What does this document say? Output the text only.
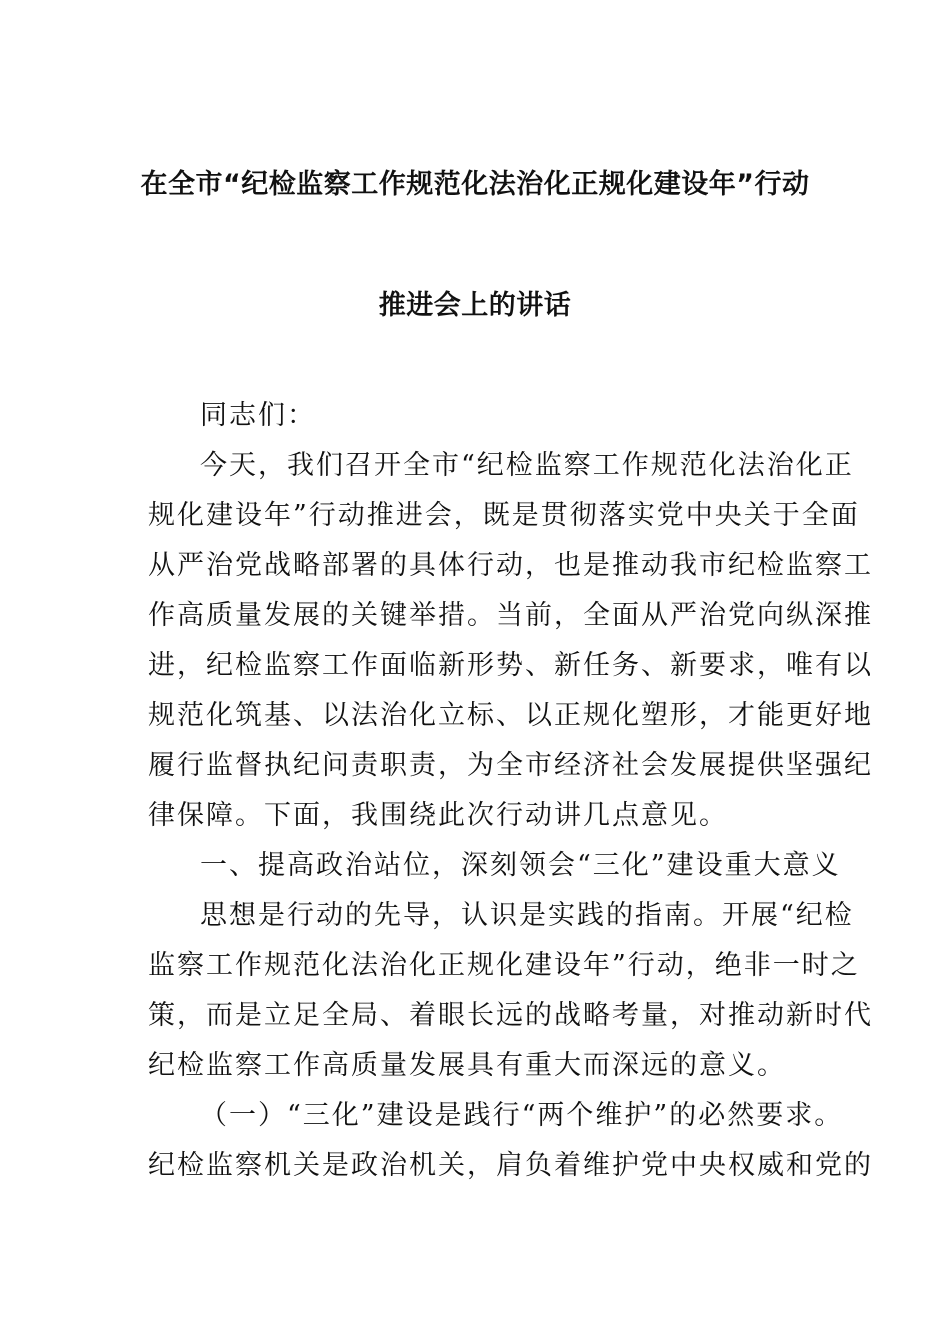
在全市“纪检监察工作规范化法治化正规化建设年”行动
推进会上的讲话
同志们：
今天，我们召开全市“纪检监察工作规范化法治化正
规化建设年”行动推进会，既是贯彻落实党中央关于全面
从严治党战略部署的具体行动，也是推动我市纪检监察工
作高质量发展的关键举措。当前，全面从严治党向纵深推
进，纪检监察工作面临新形势、新任务、新要求，唯有以
规范化筑基、以法治化立标、以正规化塑形，才能更好地
履行监督执纪问责职责，为全市经济社会发展提供坚强纪
律保障。下面，我围绕此次行动讲几点意见。
一、提高政治站位，深刻领会“三化”建设重大意义
思想是行动的先导，认识是实践的指南。开展“纪检
监察工作规范化法治化正规化建设年”行动，绝非一时之
策，而是立足全局、着眼长远的战略考量，对推动新时代
纪检监察工作高质量发展具有重大而深远的意义。
（一）“三化”建设是践行“两个维护”的必然要求。
纪检监察机关是政治机关，肩负着维护党中央权威和党的
